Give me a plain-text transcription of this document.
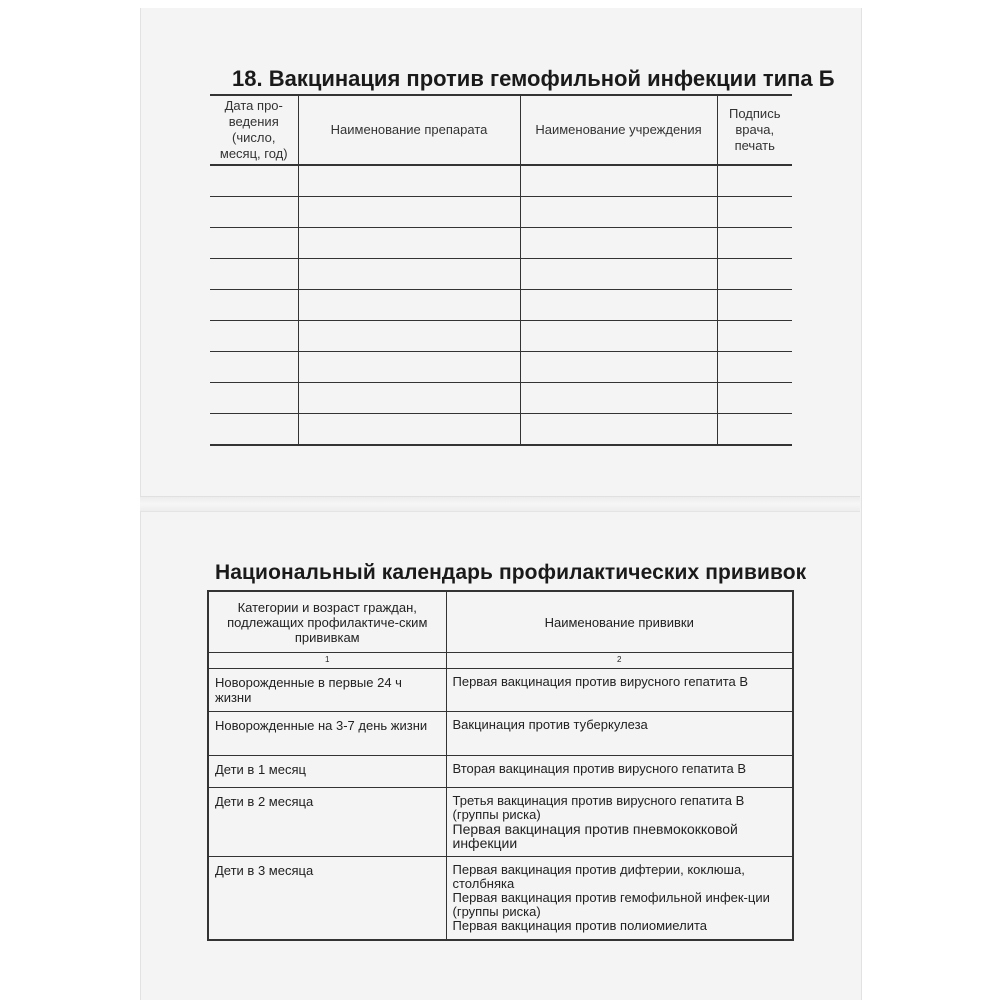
18. Вакцинация против гемофильной инфекции типа Б
Дата про-ведения (число, месяц, год)	Наименование препарата	Наименование учреждения	Подпись врача, печать

Национальный календарь профилактических прививок
Категории и возраст граждан, подлежащих профилактиче-ским прививкам	Наименование прививки
1	2
Новорожденные в первые 24 ч жизни	Первая вакцинация против вирусного гепатита В

Новорожденные на 3-7 день жизни	Вакцинация против туберкулеза

Дети в 1 месяц	Вторая вакцинация против вирусного гепатита В

Дети в 2 месяца	Третья вакцинация против вирусного гепатита В (группы риска)
Первая вакцинация против пневмококковой инфекции

Дети в 3 месяца	Первая вакцинация против дифтерии, коклюша, столбняка
Первая вакцинация против гемофильной инфек-ции (группы риска)
Первая вакцинация против полиомиелита
